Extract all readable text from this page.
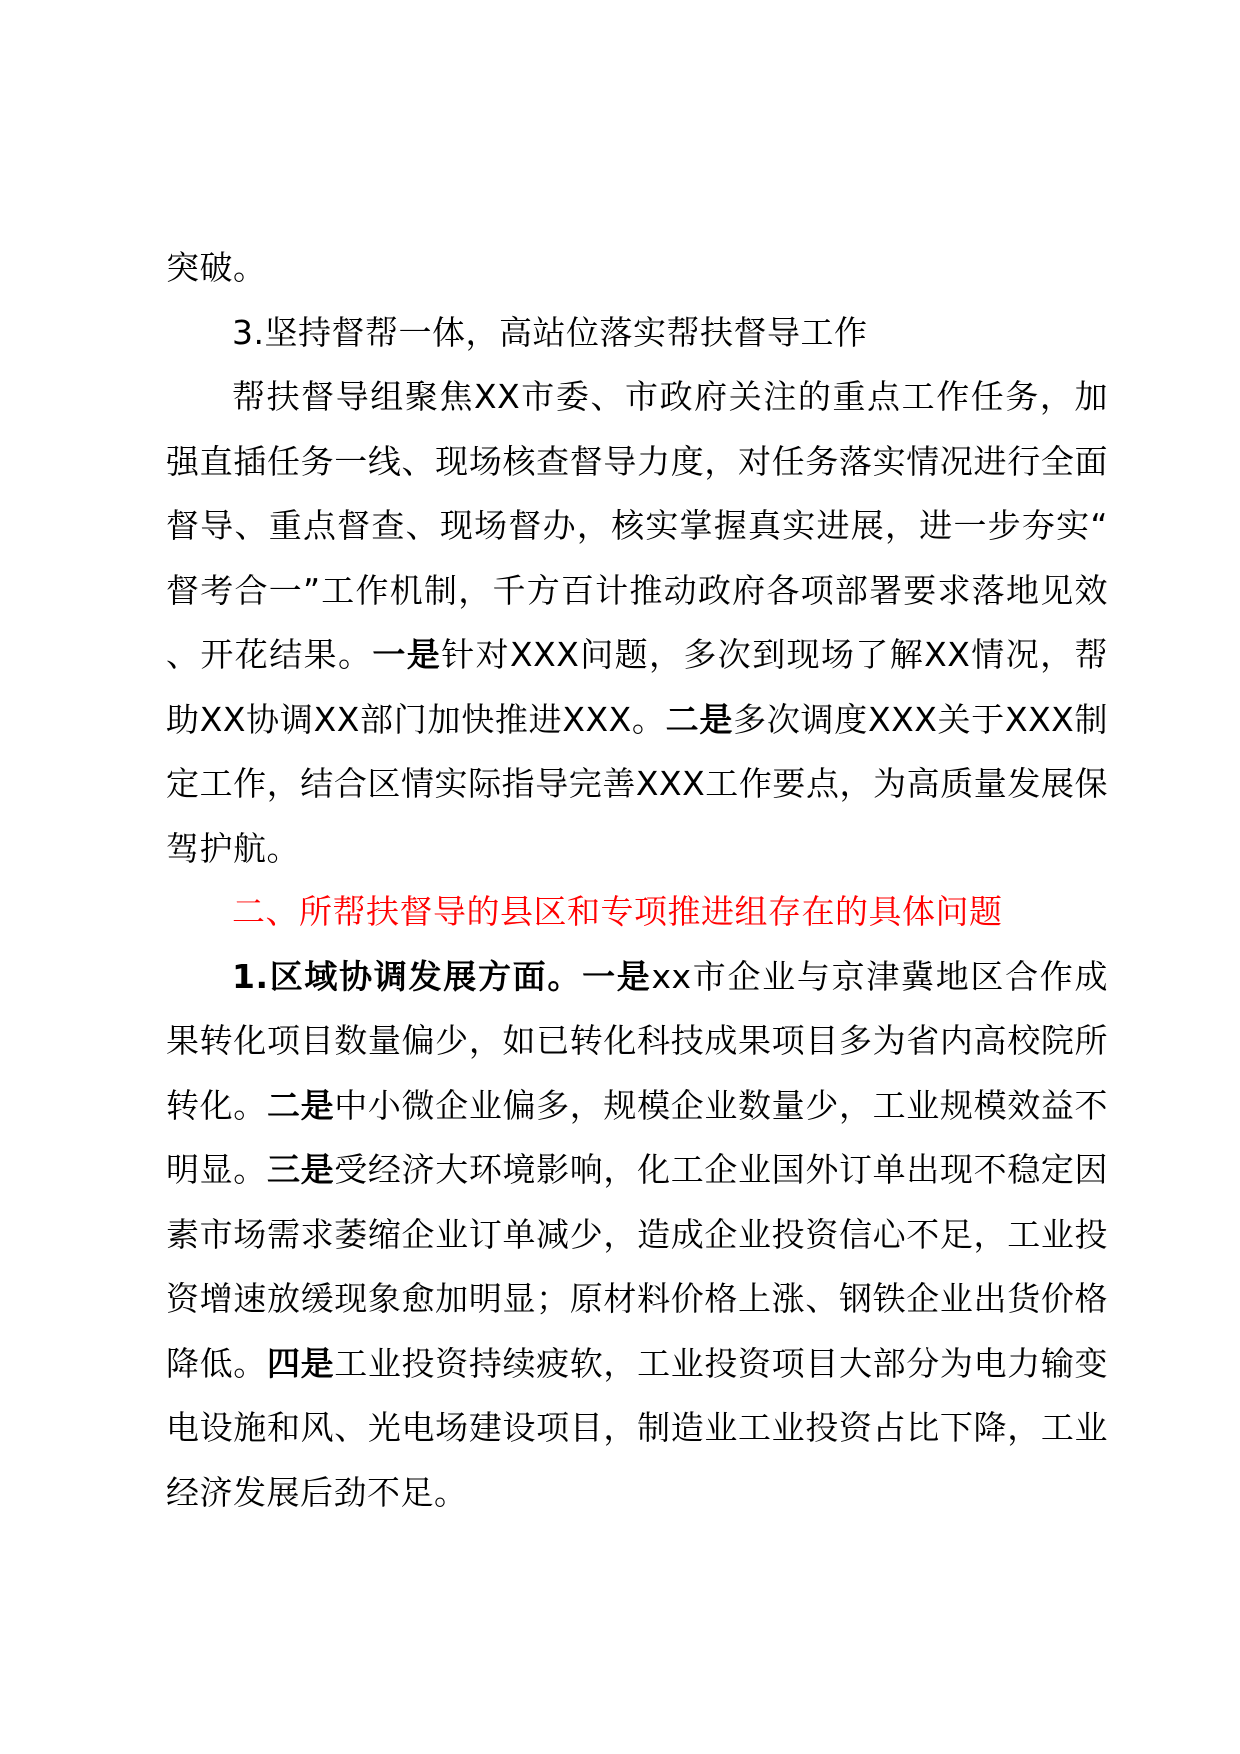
突破。
3.坚持督帮一体，高站位落实帮扶督导工作
帮扶督导组聚焦XX市委、市政府关注的重点工作任务，加强直插任务一线、现场核查督导力度，对任务落实情况进行全面督导、重点督查、现场督办，核实掌握真实进展，进一步夯实“督考合一”工作机制，千方百计推动政府各项部署要求落地见效、开花结果。一是针对XXX问题，多次到现场了解XX情况，帮助XX协调XX部门加快推进XXX。二是多次调度XXX关于XXX制定工作，结合区情实际指导完善XXX工作要点，为高质量发展保驾护航。
二、所帮扶督导的县区和专项推进组存在的具体问题
1.区域协调发展方面。一是xx市企业与京津冀地区合作成果转化项目数量偏少，如已转化科技成果项目多为省内高校院所转化。二是中小微企业偏多，规模企业数量少，工业规模效益不明显。三是受经济大环境影响，化工企业国外订单出现不稳定因素市场需求萎缩企业订单减少，造成企业投资信心不足，工业投资增速放缓现象愈加明显；原材料价格上涨、钢铁企业出货价格降低。四是工业投资持续疲软，工业投资项目大部分为电力输变电设施和风、光电场建设项目，制造业工业投资占比下降，工业经济发展后劲不足。
